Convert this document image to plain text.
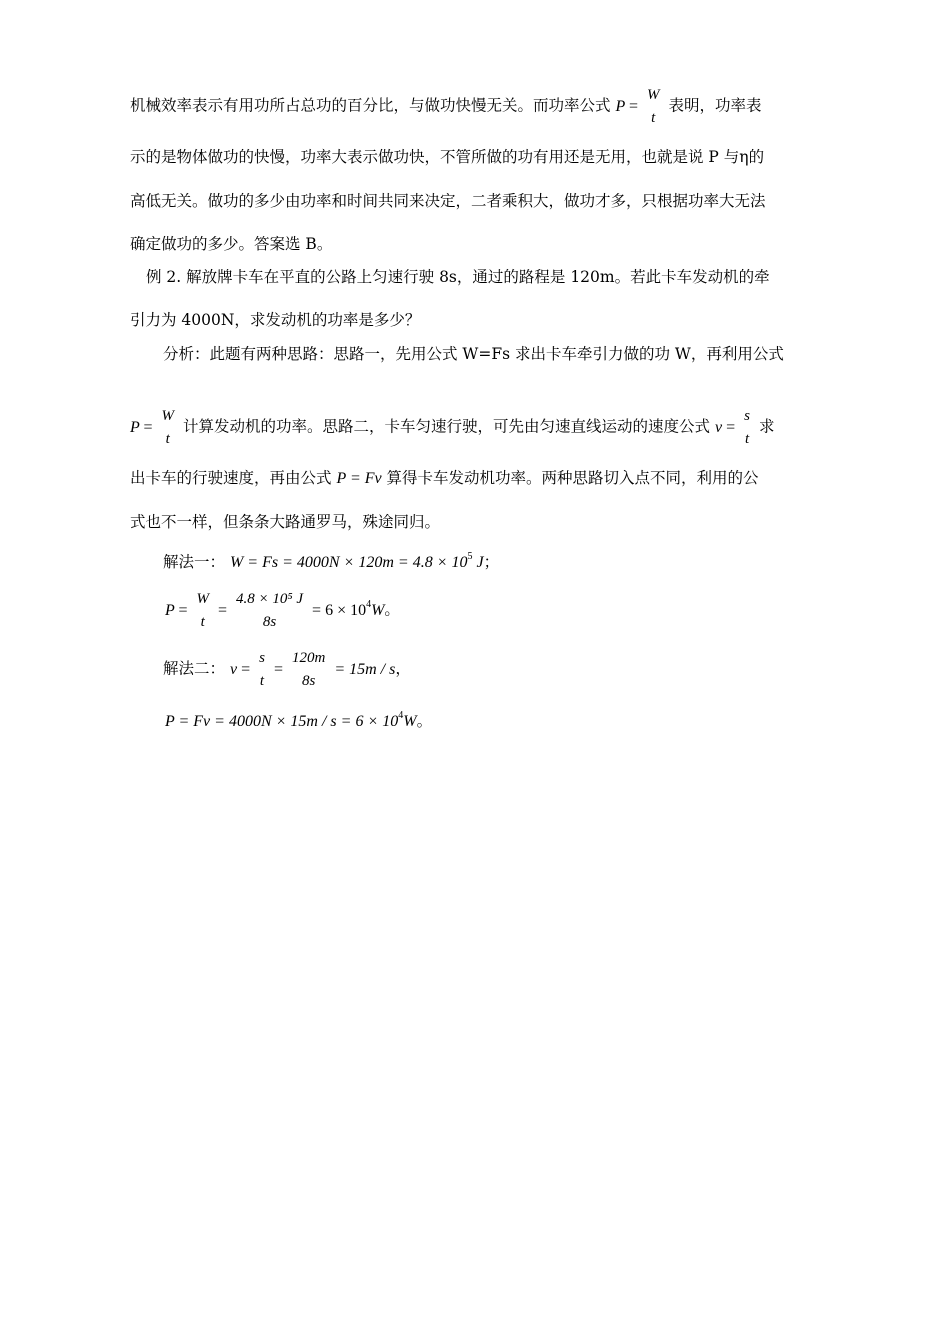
机械效率表示有用功所占总功的百分比，与做功快慢无关。而功率公式 P =
W
t
表明，功率表
示的是物体做功的快慢，功率大表示做功快，不管所做的功有用还是无用，也就是说 P 与η的
高低无关。做功的多少由功率和时间共同来决定，二者乘积大，做功才多，只根据功率大无法
确定做功的多少。答案选 B。
例 2. 解放牌卡车在平直的公路上匀速行驶 8s，通过的路程是 120m。若此卡车发动机的牵
引力为 4000N，求发动机的功率是多少？
分析：此题有两种思路：思路一，先用公式 W=Fs 求出卡车牵引力做的功 W，再利用公式
P =
W
t
计算发动机的功率。思路二，卡车匀速行驶，可先由匀速直线运动的速度公式 v =
s
t
求
出卡车的行驶速度，再由公式 P = Fv 算得卡车发动机功率。两种思路切入点不同，利用的公
式也不一样，但条条大路通罗马，殊途同归。
解法一： $W = Fs = 4000N \times 120m = 4.8 \times 10^5$ J；
P =
W
t
=
4.8 × 10⁵ J
8s
= $6 \times 10^4W$。
解法二： v =
s
t
=
120m
8s
= 15m / s，
$P = Fv = 4000N \times 15m / s = 6 \times 10^4W$。
